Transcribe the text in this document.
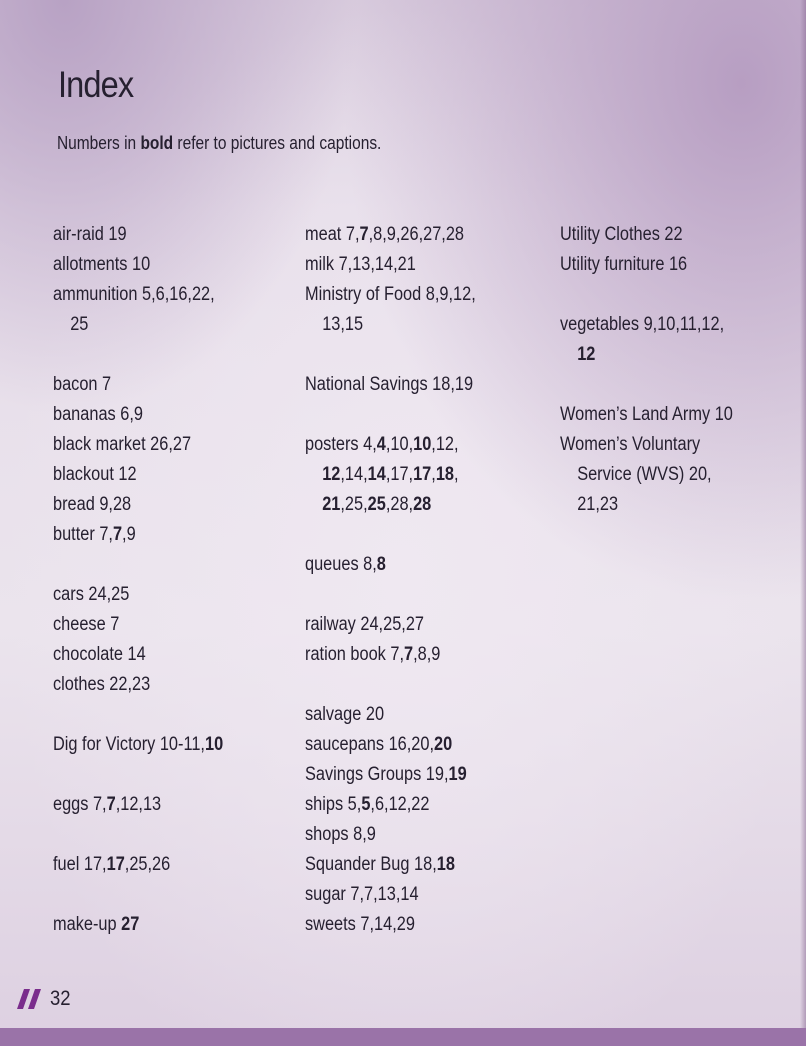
Index

Numbers in bold refer to pictures and captions.

air-raid 19
allotments 10
ammunition 5,6,16,22,
25
bacon 7
bananas 6,9
black market 26,27
blackout 12
bread 9,28
butter 7,7,9
cars 24,25
cheese 7
chocolate 14
clothes 22,23
Dig for Victory 10-11,10
eggs 7,7,12,13
fuel 17,17,25,26
make-up 27
meat 7,7,8,9,26,27,28
milk 7,13,14,21
Ministry of Food 8,9,12,
13,15
National Savings 18,19
posters 4,4,10,10,12,
12,14,14,17,17,18,
21,25,25,28,28
queues 8,8
railway 24,25,27
ration book 7,7,8,9
salvage 20
saucepans 16,20,20
Savings Groups 19,19
ships 5,5,6,12,22
shops 8,9
Squander Bug 18,18
sugar 7,7,13,14
sweets 7,14,29
Utility Clothes 22
Utility furniture 16
vegetables 9,10,11,12,
12
Women’s Land Army 10
Women’s Voluntary
Service (WVS) 20,
21,23
32
